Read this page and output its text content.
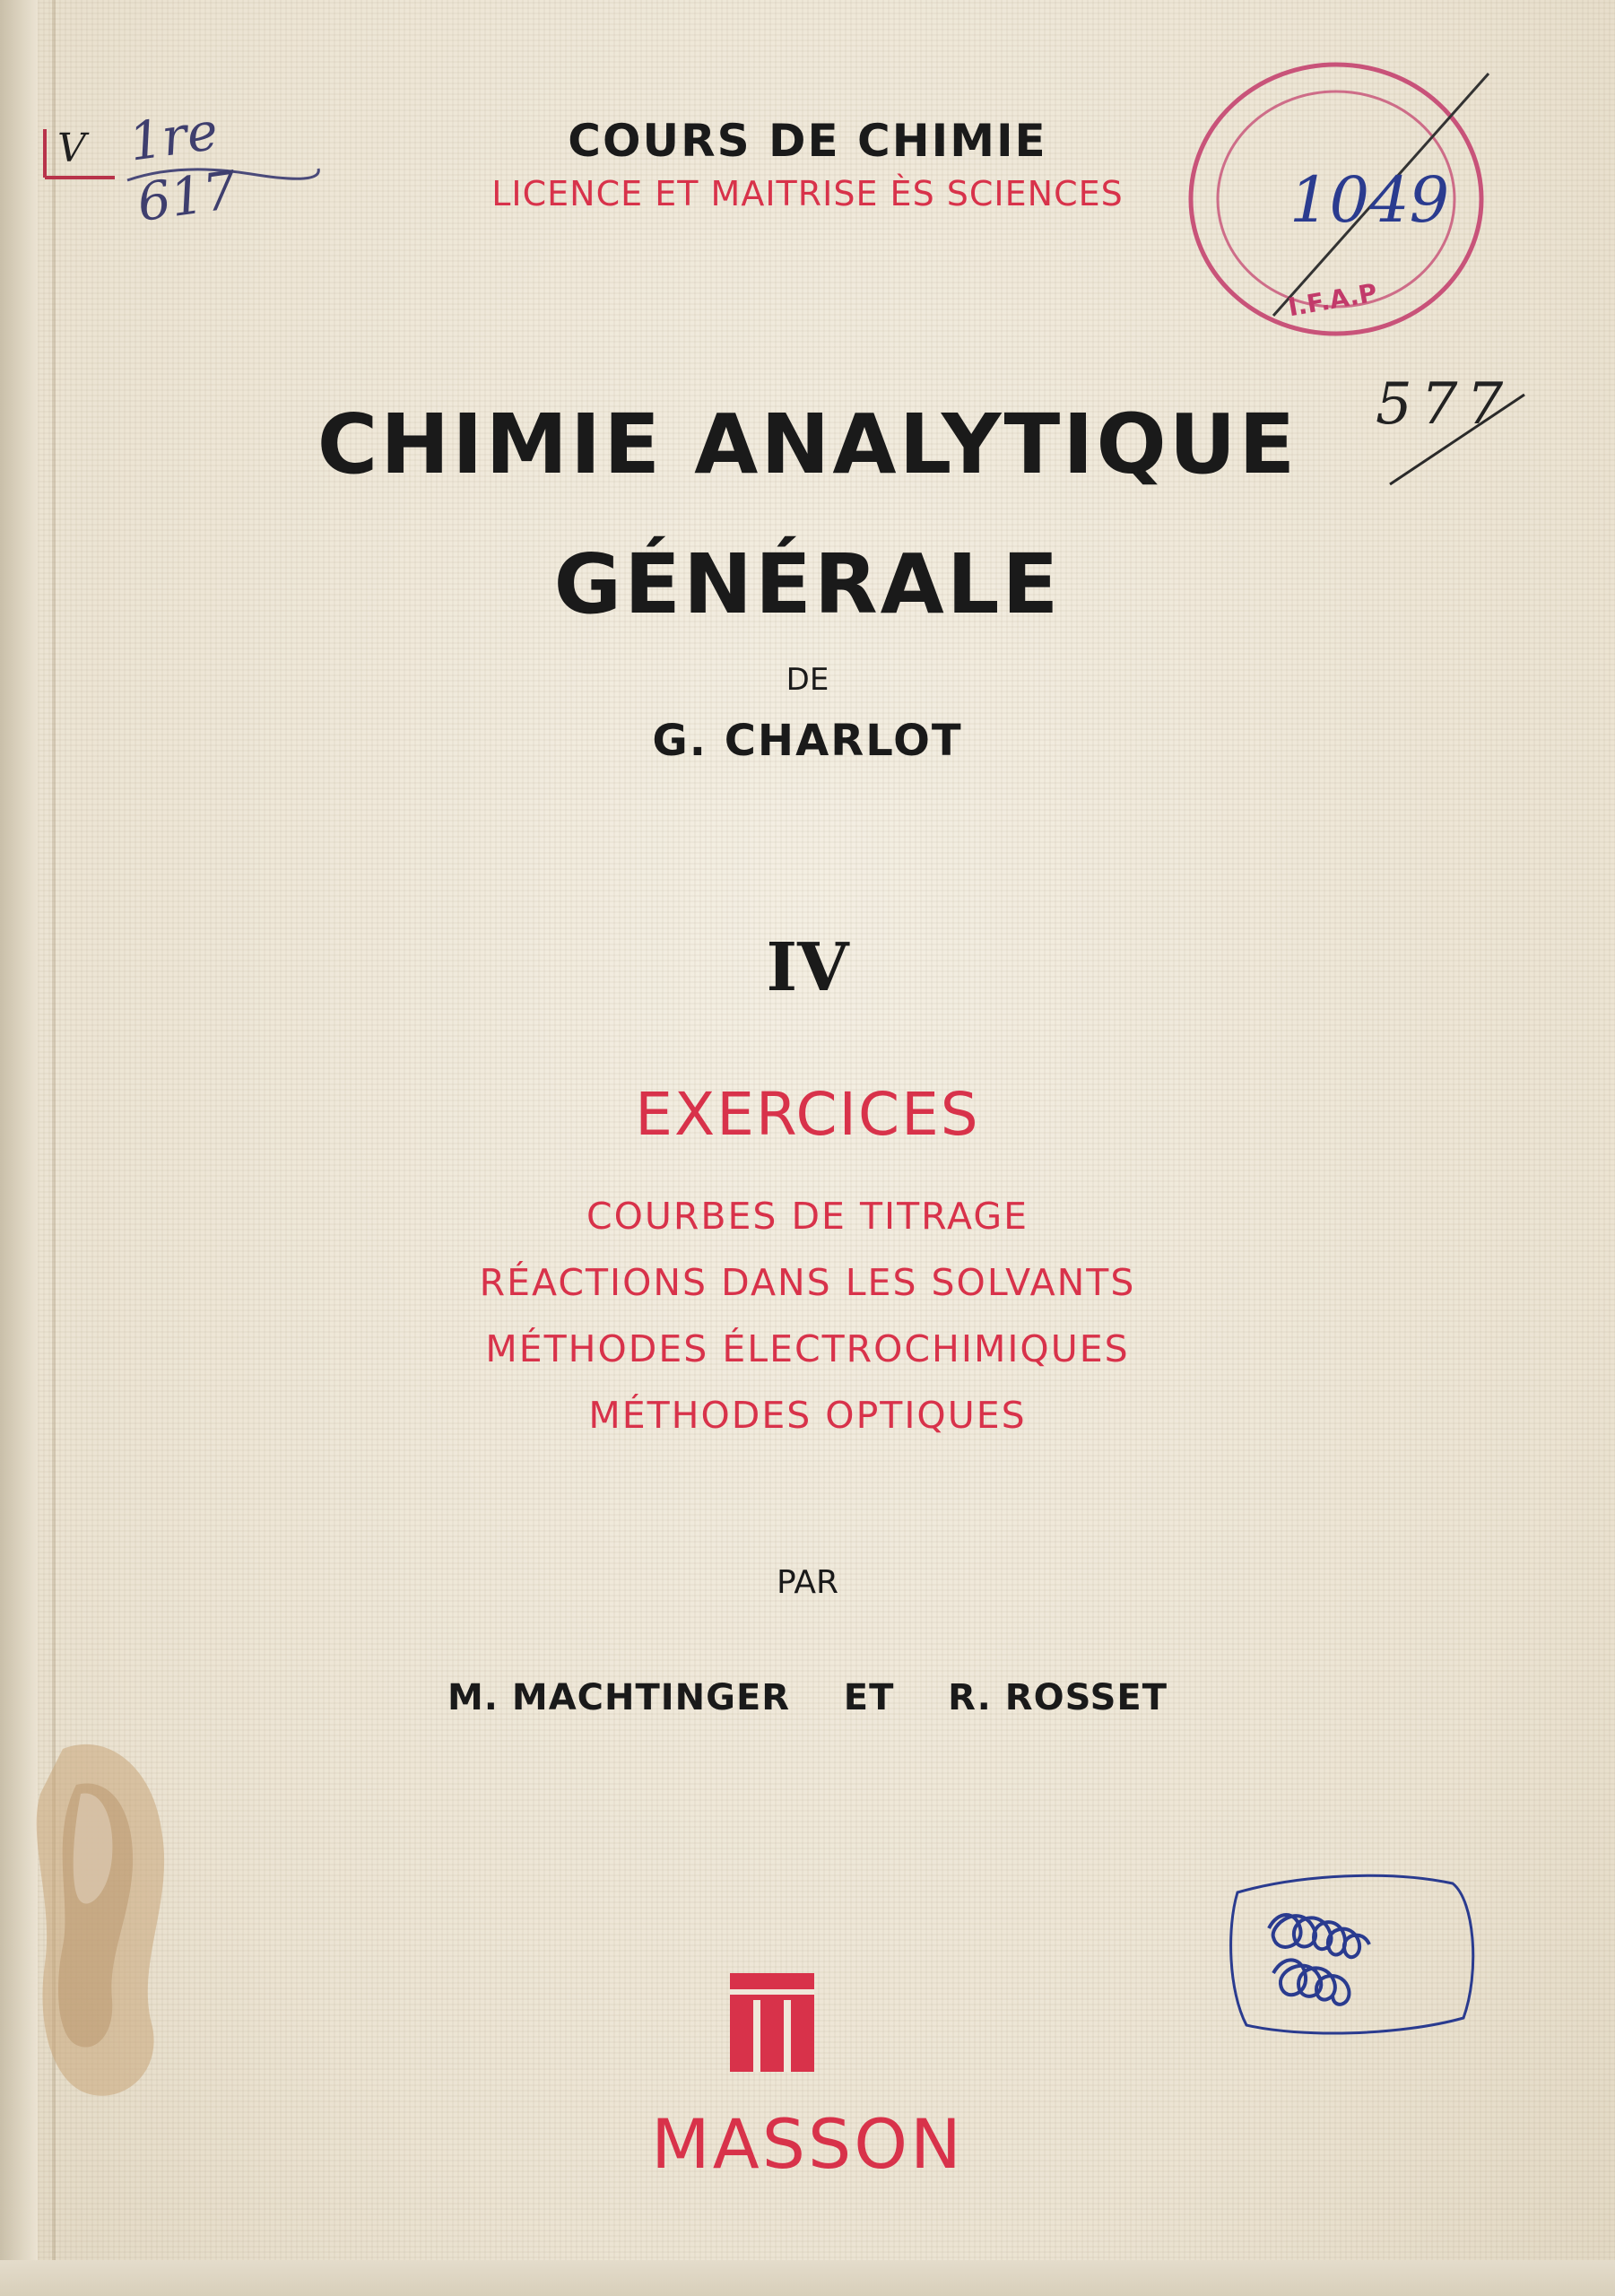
V 1re 617
I.F.A.P
1049
577
COURS DE CHIMIE
LICENCE ET MAITRISE ÈS SCIENCES
CHIMIE ANALYTIQUE
GÉNÉRALE
DE
G. CHARLOT
IV
EXERCICES
COURBES DE TITRAGE
RÉACTIONS DANS LES SOLVANTS
MÉTHODES ÉLECTROCHIMIQUES
MÉTHODES OPTIQUES
PAR
M. MACHTINGER    ET    R. ROSSET
MASSON
